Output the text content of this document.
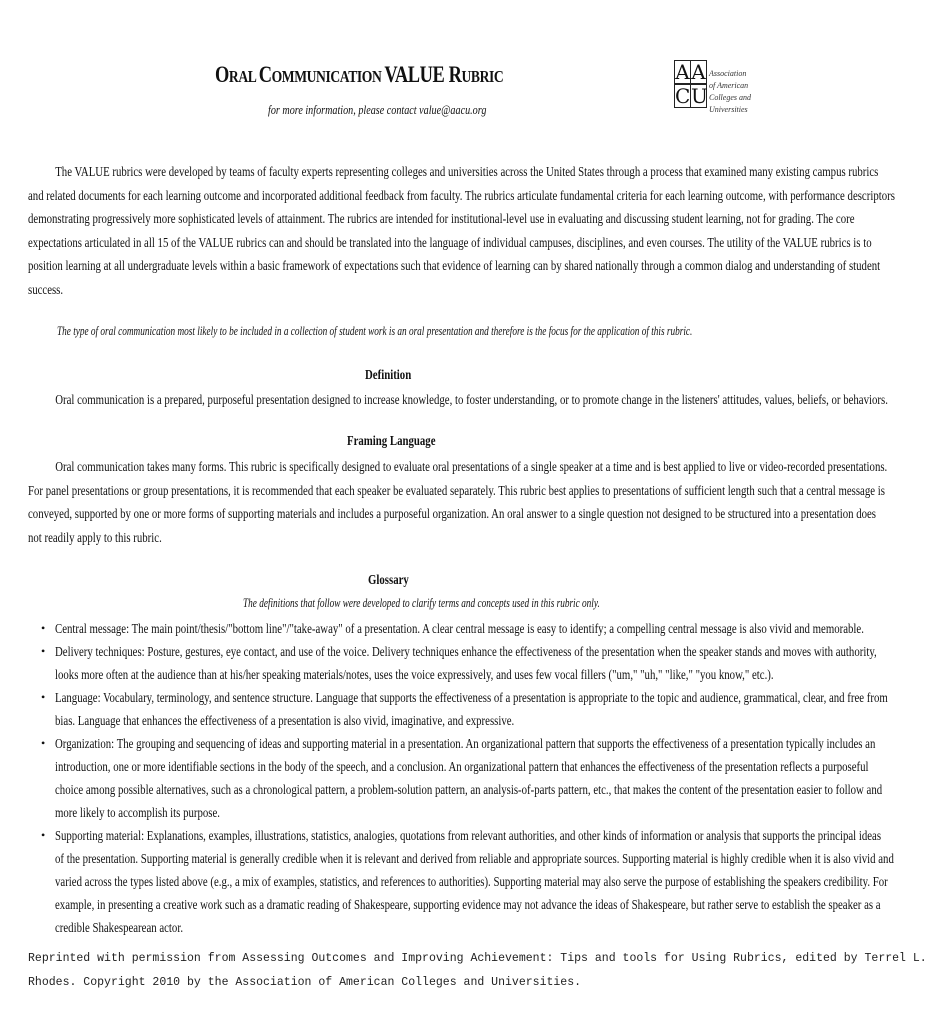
ORAL COMMUNICATION VALUE RUBRIC
for more information, please contact value@aacu.org
A A
C U
Association
of American
Colleges and
Universities
The VALUE rubrics were developed by teams of faculty experts representing colleges and universities across the United States through a process that examined many existing campus rubrics
and related documents for each learning outcome and incorporated additional feedback from faculty. The rubrics articulate fundamental criteria for each learning outcome, with performance descriptors
demonstrating progressively more sophisticated levels of attainment. The rubrics are intended for institutional-level use in evaluating and discussing student learning, not for grading. The core
expectations articulated in all 15 of the VALUE rubrics can and should be translated into the language of individual campuses, disciplines, and even courses. The utility of the VALUE rubrics is to
position learning at all undergraduate levels within a basic framework of expectations such that evidence of learning can by shared nationally through a common dialog and understanding of student
success.
The type of oral communication most likely to be included in a collection of student work is an oral presentation and therefore is the focus for the application of this rubric.
Definition
Oral communication is a prepared, purposeful presentation designed to increase knowledge, to foster understanding, or to promote change in the listeners' attitudes, values, beliefs, or behaviors.
Framing Language
Oral communication takes many forms. This rubric is specifically designed to evaluate oral presentations of a single speaker at a time and is best applied to live or video-recorded presentations.
For panel presentations or group presentations, it is recommended that each speaker be evaluated separately. This rubric best applies to presentations of sufficient length such that a central message is
conveyed, supported by one or more forms of supporting materials and includes a purposeful organization. An oral answer to a single question not designed to be structured into a presentation does
not readily apply to this rubric.
Glossary
The definitions that follow were developed to clarify terms and concepts used in this rubric only.
• Central message: The main point/thesis/"bottom line"/"take-away" of a presentation. A clear central message is easy to identify; a compelling central message is also vivid and memorable.
• Delivery techniques: Posture, gestures, eye contact, and use of the voice. Delivery techniques enhance the effectiveness of the presentation when the speaker stands and moves with authority,
looks more often at the audience than at his/her speaking materials/notes, uses the voice expressively, and uses few vocal fillers ("um," "uh," "like," "you know," etc.).
• Language: Vocabulary, terminology, and sentence structure. Language that supports the effectiveness of a presentation is appropriate to the topic and audience, grammatical, clear, and free from
bias. Language that enhances the effectiveness of a presentation is also vivid, imaginative, and expressive.
• Organization: The grouping and sequencing of ideas and supporting material in a presentation. An organizational pattern that supports the effectiveness of a presentation typically includes an
introduction, one or more identifiable sections in the body of the speech, and a conclusion. An organizational pattern that enhances the effectiveness of the presentation reflects a purposeful
choice among possible alternatives, such as a chronological pattern, a problem-solution pattern, an analysis-of-parts pattern, etc., that makes the content of the presentation easier to follow and
more likely to accomplish its purpose.
• Supporting material: Explanations, examples, illustrations, statistics, analogies, quotations from relevant authorities, and other kinds of information or analysis that supports the principal ideas
of the presentation. Supporting material is generally credible when it is relevant and derived from reliable and appropriate sources. Supporting material is highly credible when it is also vivid and
varied across the types listed above (e.g., a mix of examples, statistics, and references to authorities). Supporting material may also serve the purpose of establishing the speakers credibility. For
example, in presenting a creative work such as a dramatic reading of Shakespeare, supporting evidence may not advance the ideas of Shakespeare, but rather serve to establish the speaker as a
credible Shakespearean actor.
Reprinted with permission from Assessing Outcomes and Improving Achievement: Tips and tools for Using Rubrics, edited by Terrel L.
Rhodes. Copyright 2010 by the Association of American Colleges and Universities.
